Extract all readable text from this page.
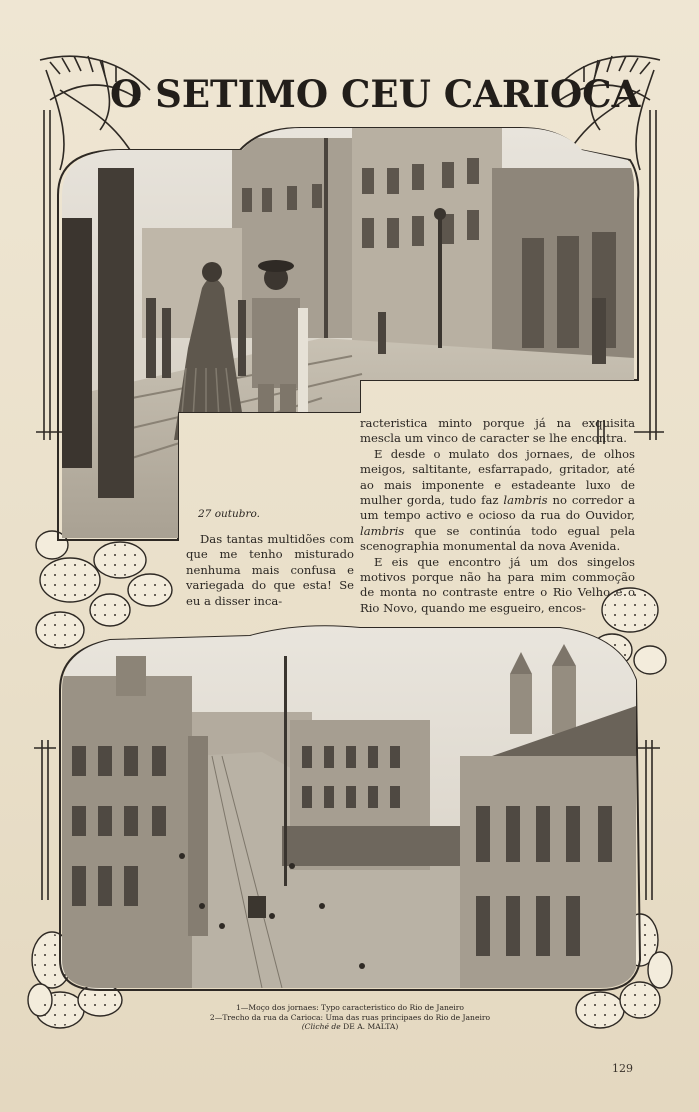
O SETIMO CEU CARIOCA
27 outubro.

Das tantas multidões com que me tenho misturado nenhuma mais confusa e variegada do que esta! Se eu a disser inca-

racteristica minto porque já na exquisita mescla um vinco de caracter se lhe encontra.

E desde o mulato dos jornaes, de olhos meigos, saltitante, esfarrapado, gritador, até ao mais imponente e estadeante luxo de mulher gorda, tudo faz lambris no corredor a um tempo activo e ocioso da rua do Ouvidor, lambris que se continúa todo egual pela scenographia monumental da nova Avenida.

E eis que encontro já um dos singelos motivos porque não ha para mim commoção de monta no contraste entre o Rio Velho e o Rio Novo, quando me esgueiro, encos-

1—Moço dos jornaes: Typo caracteristico do Rio de Janeiro
2—Trecho da rua da Carioca: Uma das ruas principaes do Rio de Janeiro
(Cliché de DE A. MALTA)
129
